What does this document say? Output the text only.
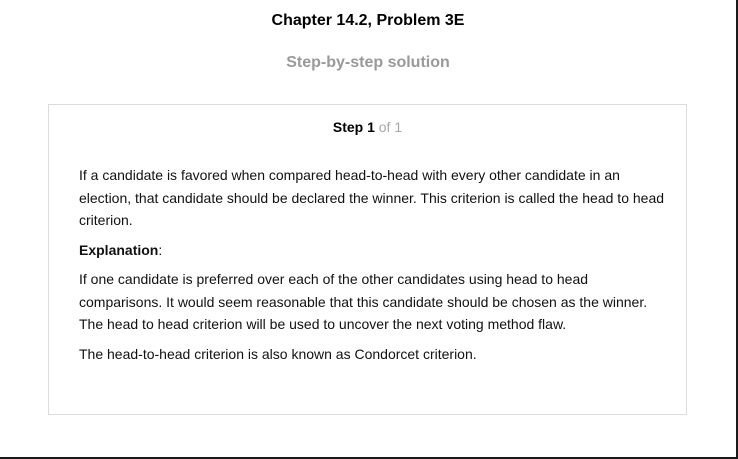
Chapter 14.2, Problem 3E
Step-by-step solution
Step 1 of 1

If a candidate is favored when compared head-to-head with every other candidate in an election, that candidate should be declared the winner. This criterion is called the head to head criterion.

Explanation:

If one candidate is preferred over each of the other candidates using head to head comparisons. It would seem reasonable that this candidate should be chosen as the winner. The head to head criterion will be used to uncover the next voting method flaw.

The head-to-head criterion is also known as Condorcet criterion.
